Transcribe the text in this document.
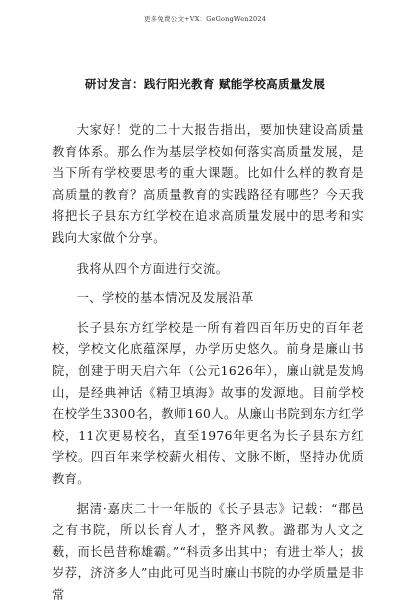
更多免费公文+VX：GeGongWen2024
研讨发言：践行阳光教育 赋能学校高质量发展

大家好！党的二十大报告指出，要加快建设高质量教育体系。那么作为基层学校如何落实高质量发展，是当下所有学校要思考的重大课题。比如什么样的教育是高质量的教育？高质量教育的实践路径有哪些？今天我将把长子县东方红学校在追求高质量发展中的思考和实践向大家做个分享。

我将从四个方面进行交流。

一、学校的基本情况及发展沿革

长子县东方红学校是一所有着四百年历史的百年老校，学校文化底蕴深厚，办学历史悠久。前身是廉山书院，创建于明天启六年（公元1626年），廉山就是发鸠山，是经典神话《精卫填海》故事的发源地。目前学校在校学生3300名，教师160人。从廉山书院到东方红学校，11次更易校名，直至1976年更名为长子县东方红学校。四百年来学校薪火相传、文脉不断，坚持办优质教育。

据清·嘉庆二十一年版的《长子县志》记载：“郡邑之有书院，所以长育人才，整齐风教。潞郡为人文之薮，而长邑昔称雄霸。”“科贡多出其中；有进士举人；拔岁荐，济济多人”由此可见当时廉山书院的办学质量是非常
